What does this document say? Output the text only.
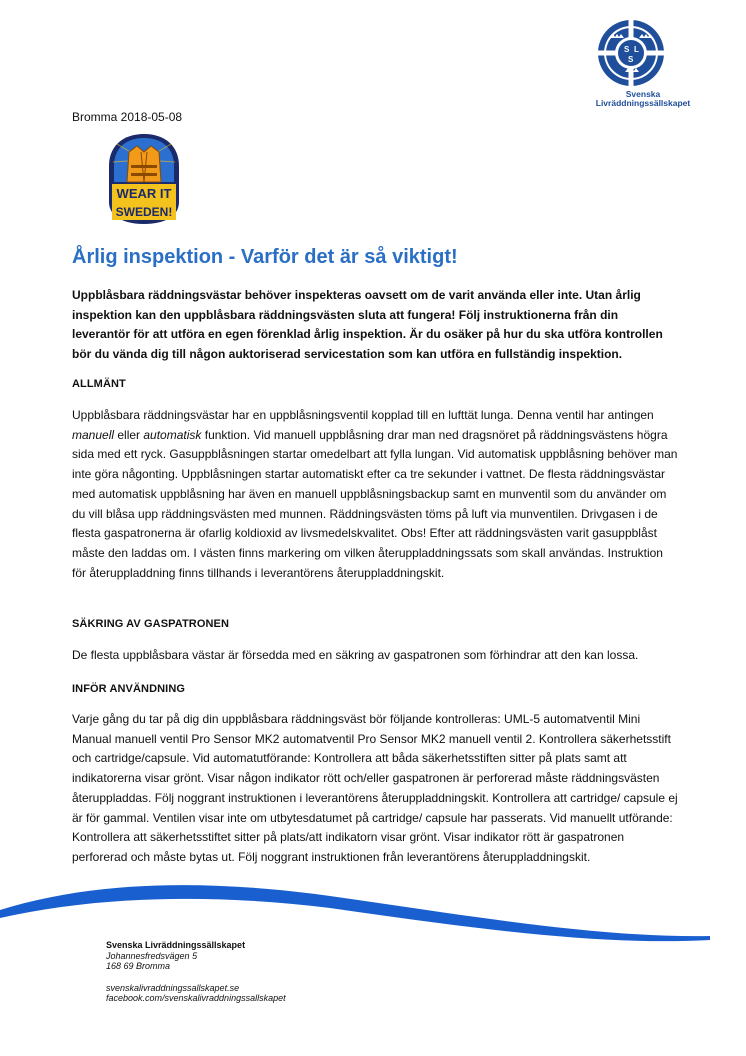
S L
S
Svenska
Livräddningssällskapet
Bromma 2018-05-08
WEAR IT
SWEDEN!
Årlig inspektion - Varför det är så viktigt!
Uppblåsbara räddningsvästar behöver inspekteras oavsett om de varit använda eller inte. Utan årlig inspektion kan den uppblåsbara räddningsvästen sluta att fungera! Följ instruktionerna från din leverantör för att utföra en egen förenklad årlig inspektion. Är du osäker på hur du ska utföra kontrollen bör du vända dig till någon auktoriserad servicestation som kan utföra en fullständig inspektion.
ALLMÄNT
Uppblåsbara räddningsvästar har en uppblåsningsventil kopplad till en lufttät lunga. Denna ventil har antingen manuell eller automatisk funktion. Vid manuell uppblåsning drar man ned dragsnöret på räddningsvästens högra sida med ett ryck. Gasuppblåsningen startar omedelbart att fylla lungan. Vid automatisk uppblåsning behöver man inte göra någonting. Uppblåsningen startar automatiskt efter ca tre sekunder i vattnet. De flesta räddningsvästar med automatisk uppblåsning har även en manuell uppblåsningsbackup samt en munventil som du använder om du vill blåsa upp räddningsvästen med munnen. Räddningsvästen töms på luft via munventilen. Drivgasen i de flesta gaspatronerna är ofarlig koldioxid av livsmedelskvalitet. Obs! Efter att räddningsvästen varit gasuppblåst måste den laddas om. I västen finns markering om vilken återuppladdningssats som skall användas. Instruktion för återuppladdning finns tillhands i leverantörens återuppladdningskit.
SÄKRING AV GASPATRONEN
De flesta uppblåsbara västar är försedda med en säkring av gaspatronen som förhindrar att den kan lossa.
INFÖR ANVÄNDNING
Varje gång du tar på dig din uppblåsbara räddningsväst bör följande kontrolleras: UML-5 automatventil Mini Manual manuell ventil Pro Sensor MK2 automatventil Pro Sensor MK2 manuell ventil 2. Kontrollera säkerhetsstift och cartridge/capsule. Vid automatutförande: Kontrollera att båda säkerhetsstiften sitter på plats samt att indikatorerna visar grönt. Visar någon indikator rött och/eller gaspatronen är perforerad måste räddningsvästen återuppladdas. Följ noggrant instruktionen i leverantörens återuppladdningskit. Kontrollera att cartridge/ capsule ej är för gammal. Ventilen visar inte om utbytesdatumet på cartridge/ capsule har passerats. Vid manuellt utförande: Kontrollera att säkerhetsstiftet sitter på plats/att indikatorn visar grönt. Visar indikator rött är gaspatronen perforerad och måste bytas ut. Följ noggrant instruktionen från leverantörens återuppladdningskit.
Svenska Livräddningssällskapet
Johannesfredsvägen 5
168 69 Bromma
svenskalivraddningssallskapet.se
facebook.com/svenskalivraddningssallskapet
